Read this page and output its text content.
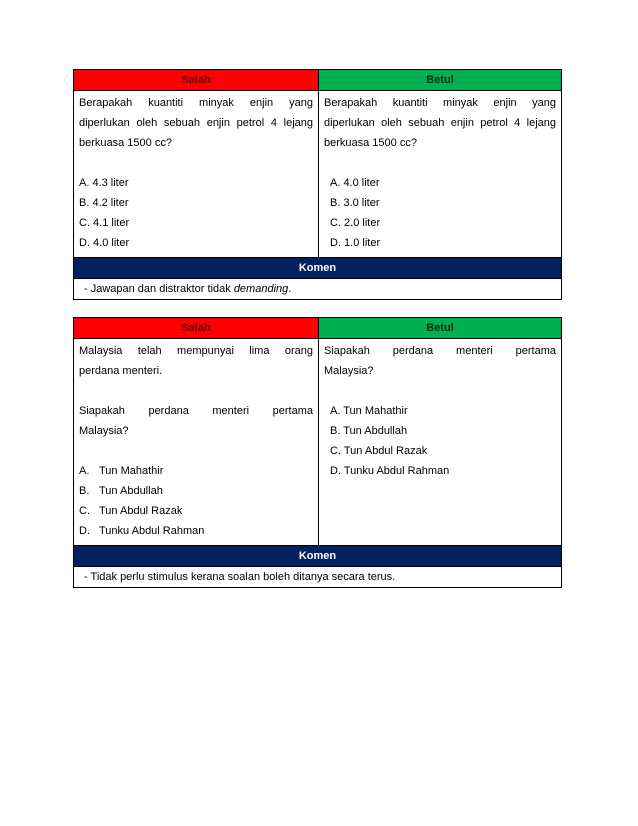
Salah	Betul

Berapakah kuantiti minyak enjin yang

diperlukan oleh sebuah enjin petrol 4 lejang

berkuasa 1500 cc?

A. 4.3 liter
B. 4.2 liter
C. 4.1 liter
D. 4.0 liter

Berapakah kuantiti minyak enjin yang

diperlukan oleh sebuah enjin petrol 4 lejang

berkuasa 1500 cc?

A. 4.0 liter
B. 3.0 liter
C. 2.0 liter
D. 1.0 liter
Komen
- Jawapan dan distraktor tidak demanding.
Salah	Betul

Malaysia telah mempunyai lima orang

perdana menteri.

Siapakah perdana menteri pertama

Malaysia?

A. Tun Mahathir
B. Tun Abdullah
C. Tun Abdul Razak
D. Tunku Abdul Rahman

Siapakah perdana menteri pertama

Malaysia?

A. Tun Mahathir
B. Tun Abdullah
C. Tun Abdul Razak
D. Tunku Abdul Rahman
Komen
- Tidak perlu stimulus kerana soalan boleh ditanya secara terus.
